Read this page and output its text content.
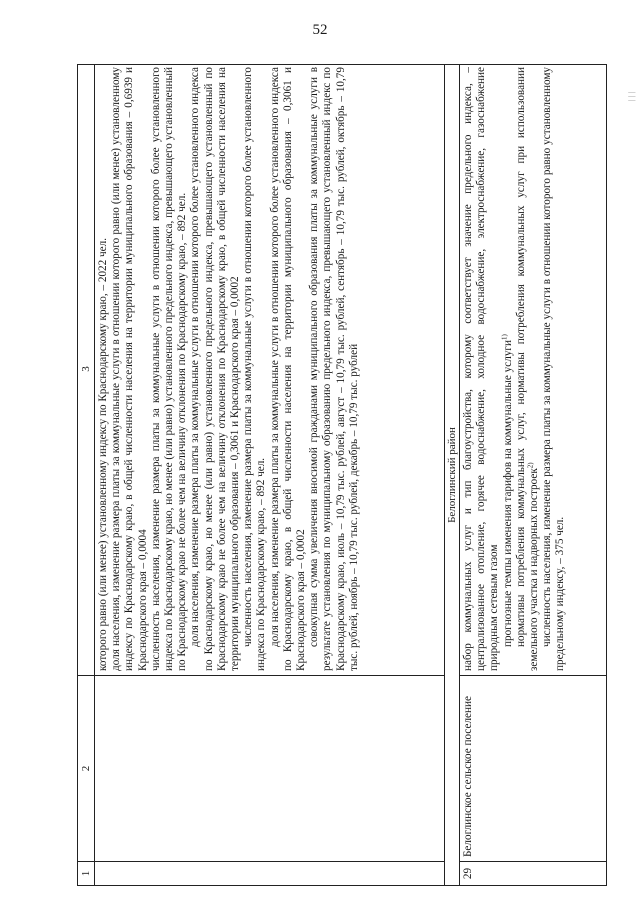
52
│││
1
2
3 которого равно (или менее) установленному индексу по Краснодарскому краю, – 2022 чел. доля населения, изменение размера платы за коммунальные услуги в отношении которого равно (или менее) установленному индексу по Краснодарскому краю, в общей численности населения на территории муниципального образования – 0,6939 и Краснодарского края – 0,0004 численность населения, изменение размера платы за коммунальные услуги в отношении которого более установленного индекса по Краснодарскому краю, но менее (или равно) установленного предельного индекса, превышающего установленный по Краснодарскому краю не более чем на величину отклонения по Краснодарскому краю, – 892 чел. доля населения, изменение размера платы за коммунальные услуги в отношении которого более установленного индекса по Краснодарскому краю, но менее (или равно) установленного предельного индекса, превышающего установленный по Краснодарскому краю не более чем на величину отклонения по Краснодарскому краю, в общей численности населения на территории муниципального образования – 0,3061 и Краснодарского края – 0,0002 численность населения, изменение размера платы за коммунальные услуги в отношении которого более установленного индекса по Краснодарскому краю, – 892 чел. доля населения, изменение размера платы за коммунальные услуги в отношении которого более установленного индекса по Краснодарскому краю, в общей численности населения на территории муниципального образования – 0,3061 и Краснодарского края – 0,0002 совокупная сумма увеличения вносимой гражданами муниципального образования платы за коммунальные услуги в результате установления по муниципальному образованию предельного индекса, превышающего установленный индекс по Краснодарскому краю, июль – 10,79 тыс. рублей, август – 10,79 тыс. рублей, сентябрь – 10,79 тыс. рублей, октябрь – 10,79 тыс. рублей, ноябрь – 10,79 тыс. рублей, декабрь – 10,79 тыс. рублей	Белоглинский район
29
Белоглинское сельское поселение
набор коммунальных услуг и тип благоустройства, которому соответствует значение предельного индекса, – централизованное отопление, горячее водоснабжение, холодное водоснабжение, электроснабжение, газоснабжение природным сетевым газом прогнозные темпы изменения тарифов на коммунальные услуги$^{1)}$ нормативы потребления коммунальных услуг, нормативы потребления коммунальных услуг при использовании земельного участка и надворных построек$^{2)}$ численность населения, изменение размера платы за коммунальные услуги в отношении которого равно установленному предельному индексу, – 375 чел.
